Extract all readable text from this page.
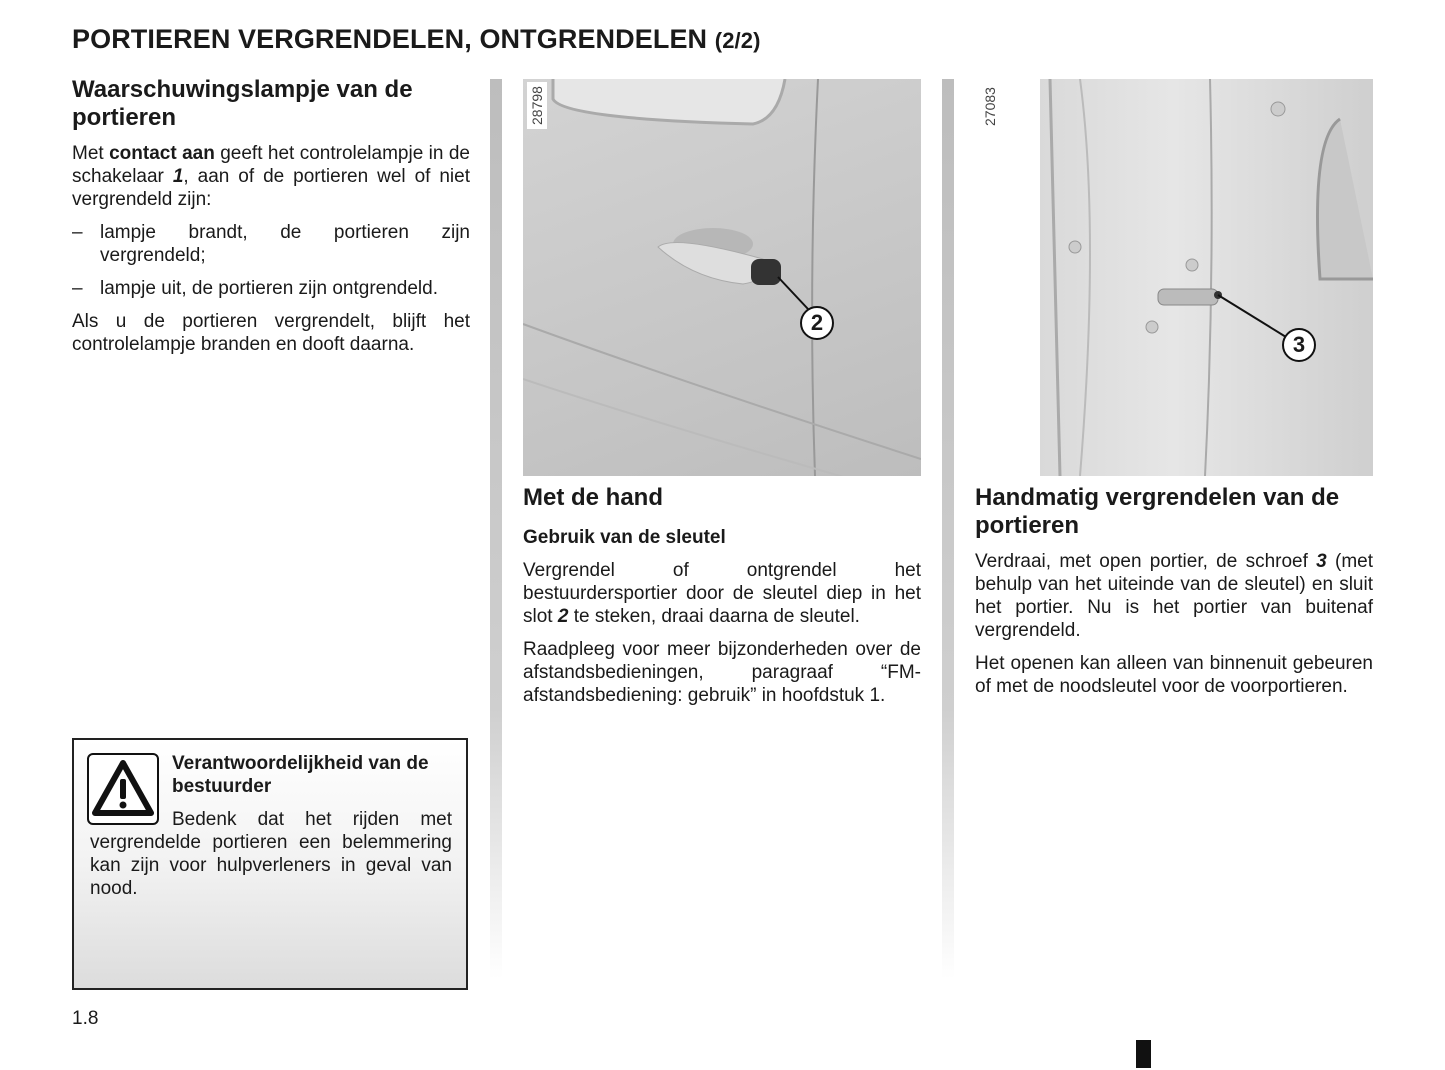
PORTIEREN VERGRENDELEN, ONTGRENDELEN (2/2)
Waarschuwingslampje van de portieren

Met contact aan geeft het controlelampje in de schakelaar 1, aan of de portieren wel of niet vergrendeld zijn:

– lampje brandt, de portieren zijn vergrendeld;
– lampje uit, de portieren zijn ontgrendeld.

Als u de portieren vergrendelt, blijft het controlelampje branden en dooft daarna.

Verantwoordelijkheid van de bestuurder
Bedenk dat het rijden met vergrendelde portieren een belemmering kan zijn voor hulpverleners in geval van nood.
1.8
28798
2
Met de hand
Gebruik van de sleutel

Vergrendel of ontgrendel het bestuurdersportier door de sleutel diep in het slot 2 te steken, draai daarna de sleutel.

Raadpleeg voor meer bijzonderheden over de afstandsbedieningen, paragraaf “FM-afstandsbediening: gebruik” in hoofdstuk 1.

3
27083
Handmatig vergrendelen van de portieren

Verdraai, met open portier, de schroef 3 (met behulp van het uiteinde van de sleutel) en sluit het portier. Nu is het portier van buitenaf vergrendeld.

Het openen kan alleen van binnenuit gebeuren of met de noodsleutel voor de voorportieren.
